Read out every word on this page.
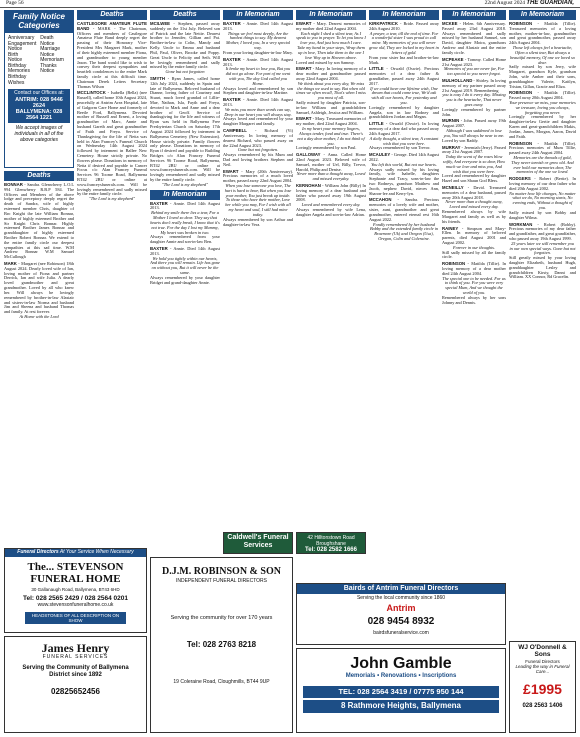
Page 56	22nd August 2024 THE GUARDIAN,
Family Notice Categories
Anniversary
Engagement Notice
Birth Notice
Birthday Memories
Birthday Wishes
Death Notice
Marriage Notice
Memoriam
Thanks Notice
Contact our Offices at:
ANTRIM: 028 9446 2624
BALLYMENA: 028 2564 1221
We accept images of individuals in all of the above categories
Deaths
BONNAR - Sandra. Glenwherry L.O.L 994 Glenwherry R.B.P 584. The Officers and Members of the above lodge and preceptory deeply regret the death of Sandra, wife of highly esteemed member Chris, daughter of Bro Knight the late William Bonnar, mother of highly esteemed Brother and Sir Knight Chris Bonnar. Highly esteemed Brother James Bonnar and granddaughter of highly esteemed Brother Robert Bonnar. We extend to the entire family circle our deepest sympathies at this sad time. W.M Andrew Bonnar W.M Samuel McCullough
MARK - Margaret (nee Robinson) 18th August 2024. Dearly loved wife of Ian, loving mother of Fiona and partner Derrick, Ian and wife Julia. A dearly loved grandmother and great grandmother. Loved by all who knew her. Will always be lovingly remembered by brother-in-law Alastair and sisters-in-law Norma and husband Jim and Sheena and husband Thomas and family. At rest forever.
At Home with the Lord
Deaths
CASTLEGORE AMATEUR FLUTE BAND - MARK - The Chairman, Officers and members of Castlegore Amateur Flute Band deeply regret the passing of their Honorary Vice-President Mrs Margaret Mark, mother of their highly esteemed member Fiona, and grandmother to young member Jason. The band would like to wish to convey their deepest sympathies and heartfelt condolences to the entire Mark family circle at this difficult time. Chairman Derek Leiters Secretary Thomas Wilson
MCCLINTOCK - Isabella (Bella) (nee Russell), called home 10th August 2024, peacefully at Antrim Area Hospital, late of Galgorm Care Home and formerly of Beetle Ford, Ballymena. Devoted mother of Russell and Ernest, a loving grandmother of Marc, Annie and husband Gareth and great grandmother of Faith and Freya. Service of Thanksgiving for the life of Netta was held in Alan Francey's Funeral Church on Wednesday 14th August 2024 followed by interment in Ballee New Cemetery. House strictly private. No flowers please. Donations in memory of Netta if desired and payable to Cancer Focus c/o Alan Francey Funeral Services 96 Toome Road, Ballymena BT42 2BU or online at www.franceysfunerals.com. Will be lovingly remembered and sadly missed by the entire family circle.
"The Lord is my shepherd"
Deaths
MCILWEE - Stephen, passed away suddenly on the 31st July. Beloved son of Patrick and the late Nettie. Dearest brother to Jennifer, Gillian and Pat. Brother-in-law to Colin, Mandy and Kelly. Uncle to Emma and husband Phil, Paul, Oliver, Brooke and Poppy. Great Uncle to Felicity and Seth. Will be lovingly remembered and sadly missed by the entire family circle.
Gone but not forgotten
SMYTH - Ryan James, called home 12th July 2024, suddenly in Spain and late of Ballymena. Beloved husband of Dianne, loving father of Courtney and Stuart, much loved grandad of Lillie-Mae, Nathan, Isla, Fayth and Freya, devoted to Mark and Anne and a dear brother of Geoff. Service of thanksgiving for the life and witness of Ryan was held in Ballymena Free Presbyterian Church on Saturday 17th August 2024 followed by interment in Ballymena Cemetery (New Extension). House strictly private. Family flowers only please. Donations in memory of Ryan if desired and payable to Building Bridges c/o Alan Francey Funeral Services 96 Toome Road, Ballymena, BT42 2BU or online at www.franceysfunerals.com. Will be lovingly remembered and sadly missed by the entire family circle.
"The Lord is my shepherd"
In Memoriam
BAXTER - Annie. Died 14th August 2013.
Behind my smile there lies a tear, For a Mother I loved so dear. They say that hearts don't really break, I know that it's not true. For the day I lost my Mummy, My heart was broken in two.
Always remembered from your daughter Annie and son-in-law Ben.
BAXTER - Annie. Died 14th August 2013.
We hold you tightly within our hearts, And there you will remain. Life has gone on without you, But it will never be the same.
Always remembered by your daughter Bridget and grand-daughter Annie.
In Memoriam
BAXTER - Annie. Died 14th August 2013.
Things we feel most deeply, Are the hardest things to say. My dearest Mother, I loved you, In a very special way.
From your loving daughter-in-law Mary.
BAXTER - Annie. Died 14th August 2013.
It broke my heart to lose you, But you did not go alone. For part of me went with you, The day God called you Home.
Always loved and remembered by son Stephen and daughter-in-law Martine.
BAXTER - Annie. Died 14th August 2013.
We miss you more than words can say, Deep in our heart you will always stay.
Always loved and remembered by your daughter Margaret and family.
CAMPBELL - Richard (Vi) Anniversary. In loving memory of dearest Richard, who passed away on the 22nd August 2023.
Gone but not forgotten.
Always remembered by his Mum and Dad and loving brothers Stephen and Neil.
EWART - Mary (20th Anniversary). Precious memories of a much loved mother, passed away 22nd August 2004.
When you lose someone you love, The hurt is hard to bear, But when you lose your mother, You just break up inside. To those who have their mother, Love her while you may, For I wish with all my heart and soul, I still had mine today.
Always remembered by son Arthur and daughter-in-law Vera.
In Memoriam
EWART - Mary. Dearest memories of my mother died 22nd August 2004.
Each night I shed a silent tear, As I speak to you in prayer. To let you know I love you, And just how much I care. Take my hand in your steps, Wrap them up in love, Then take them to the one I love Way up in Heaven above.
Loved and missed by son Sammy.
EWART - Mary. In loving memory of a dear mother and grandmother passed away 22nd August 2004.
We think about you every day, We miss the things we used to say. But when old times we often recall, That's when I miss you most of all.
Sadly missed by daughter Patricia, son-in-law William and grandchildren Samuel, Ashleigh, Jessica and William.
EWART - Mary. Treasured memories of my mother, died 22nd August 2004.
In my heart your memory lingers, Always tender, fond and true. There's not a day dear mother, I do not think of you.
Lovingly remembered by son Paul.
GALLOWAY - Anna. Called Home 22nd August 2023. Beloved wife of Samuel, mother of Uel, Billy, Trevor, Harold, Philip and Denise.
Never more than a thought away, Loved and missed everyday.
KERNOHAN - William John (Billy) In loving memory of a dear husband and father who passed away 19th August 2008.
Loved and remembered every day.
Always remembered by wife Lena, daughter Angela and son-in-law Adrian.
In Memoriam
KIRKPATRICK - Bride. Passed away 24th August 2010.
A prayer, a tear, till the end of time. For a wonderful sister I was proud to call mine. My memories of you will never grow old, They are locked in my heart in letters of gold.
From your sister Ina and brother-in-law Mark.
LITTLE - Oswald (Oswie). Precious memories of a dear father & grandfather, passed away 24th August 2017.
If we could have one lifetime wish, One dream that could come true, We'd ask with all our hearts, For yesterday and you.
Lovingly remembered by daughter Angela, son in law Rodney and grandchildren Jordan and Megan.
LITTLE - Oswald (Oswie). In loving memory of a dear dad who passed away 24th August 2017.
A daily thought, a silent tear, A constant wish that you were here.
Always remembered by son Trevor.
MCAULEY - George. Died 14th August 2022.
You left this world, But not our hearts.
Always sadly missed by his loving family, wife Isabelle, daughters Stephanie and Tracy, sons-in-law the two Rodneys, grandson Matthew and Jacob, nephew David, nieces Ann, Sharon-lee and Kerry-lyn.
MCCAHON - Sandra. Precious memories of a lovely wife and mother, sister, aunt, grandmother and great grandmother, entered eternal rest 16th August 2022.
Fondly remembered by her husband Bobby and the extended family circle in Braemore (Uk) and Oregon (Usa), Oregon, Colin and Coleraine.
In Memoriam
MCKEE - Helen. 6th Anniversary. Passed away 23rd August 2018. Always remembered and sadly missed by her husband Samuel, son David, daughter Moira, grandsons Andrew and Alastair and the entire family circle.
MCPEAKE - Tommy. Called Home 21st August 2023.
Memories of you are never far, For too special to you never forgot.
MULHOLLAND - Shirley. In loving memory of my partner passed away 21st August 2019. Remembering
you is easy I do it every day. Missing you is the heartache, That never goes away.
Lovingly remembered by partner John.
MURNIN - John. Passed away 19th August 2007.
Although I was saddened to lose you, You will always be near to me.
Loved by son Raddy.
MURRAY - Jeremiah (Jerry). Passed away 21st August 2007.
Today the scent of the roses blow softly, And everyone is so dear, How much we love and miss you, And wish that you were here.
Loved and remembered by daughter Hazel and son Shaun God Bless.
MCNEILLY - David. Treasured memories of a dear husband, passed away 20th August 2018.
Never more than a thought away, Loved and missed every day.
Remembered always by wife Margaret and family as well as by his friends.
RAINEY - Simpson and Mary-Ellen. In memory of beloved parents, died August 2001 and August 2002.
Forever in our thoughts.
Still sadly missed by all the family circle.
ROBINSON - Matilda (Tillie). In loving memory of a dear mother died 24th August 2004.
The special one to be needed. For us to think of you. For you were very special Mum, And we thought the world of you.
Remembered always by her sons Johnny and Dennis.
In Memoriam
ROBINSON - Matilda (Tillie). Treasured memories of a loving mother, mother-in-law, grandmother and great grandmother, passed away 24th August 2004.
Those left always feel a heartache, Often a silent tear, But always a beautiful memory, Of one we loved so dear.
Sadly missed by son Jerry, wife Margaret, grandson Kyle, grandson John, wife Amber and their sons, granddaughter Valerie, Kaitlyn, Tristan, Gillan, Gracie and Eliza.
ROBINSON - Matilda (Tillie). Passed away 20th August 2004.
Your presence we miss, your memories we treasure, loving you always, forgetting you never.
Lovingly remembered by her daughter-in-law Gertie and daughter Karen and great-grandchildren Makis, Jordan, James, Morgan, Aaron, David and Faith.
ROBINSON - Matilda (Tillie). Precious memories of Mum Tillie, passed away 24th August 2004.
Memories are the threads of gold, They never tarnish or grow old. And ever hold our memories dear, The memories of the one we loved.
RODGERS - Robert (Bertie). In loving memory of our dear father who died 20th August 2002.
No matter how life changes, No matter what we do, No morning starts, No evening ends, Without a thought of you.
Sadly missed by son Bobby and daughter Wilma.
WORKMAN - Robert (Bobby). Precious memories of my dear father and grandfather, and great grandfather, who passed away 19th August 1999.
25 years later we still remember you in our own special ways. Gone but not forgotten.
Still greatly missed by your loving daughter Elizabeth, husband Hugh, granddaughter Lesley and grandchildren Kirsty, Danni and William. XX Connor, Rd Gracelin.
Funeral Directors At Your Service When Necessary
The... STEVENSON FUNERAL HOME
30 Gallanaugh Road, Ballymena, BT43 6HD
Tel: 028 2565 2429 / 028 2564 0201
www.stevensonfuneralhome.co.uk
HEADSTONES OF ALL DESCRIPTION ON SHOW
James Henry
FUNERAL SERVICES
Serving the Community of Ballymena District since 1892
02825652456
D.J.M. ROBINSON & SON
INDEPENDENT FUNERAL DIRECTORS
Serving the community for over 170 years
Tel: 028 2763 8218
19 Coleraine Road, Cloughmills, BT44 9UP
Caldwell's Funeral Services
42 Hilltonstown Road Broughshane
Tel: 028 2582 1666
Bairds of Antrim Funeral Directors
Serving the local community since 1860
Antrim
028 9454 8932
bairdsfuneralservice.com
John Gamble
Memorials • Renovations • Inscriptions
TEL: 028 2564 3419 / 07775 950 144
8 Rathmore Heights, Ballymena
WJ O'Donnell & Sons
Funeral Directors
Leading the way in Funeral Care...
£1995
028 2563 1406
